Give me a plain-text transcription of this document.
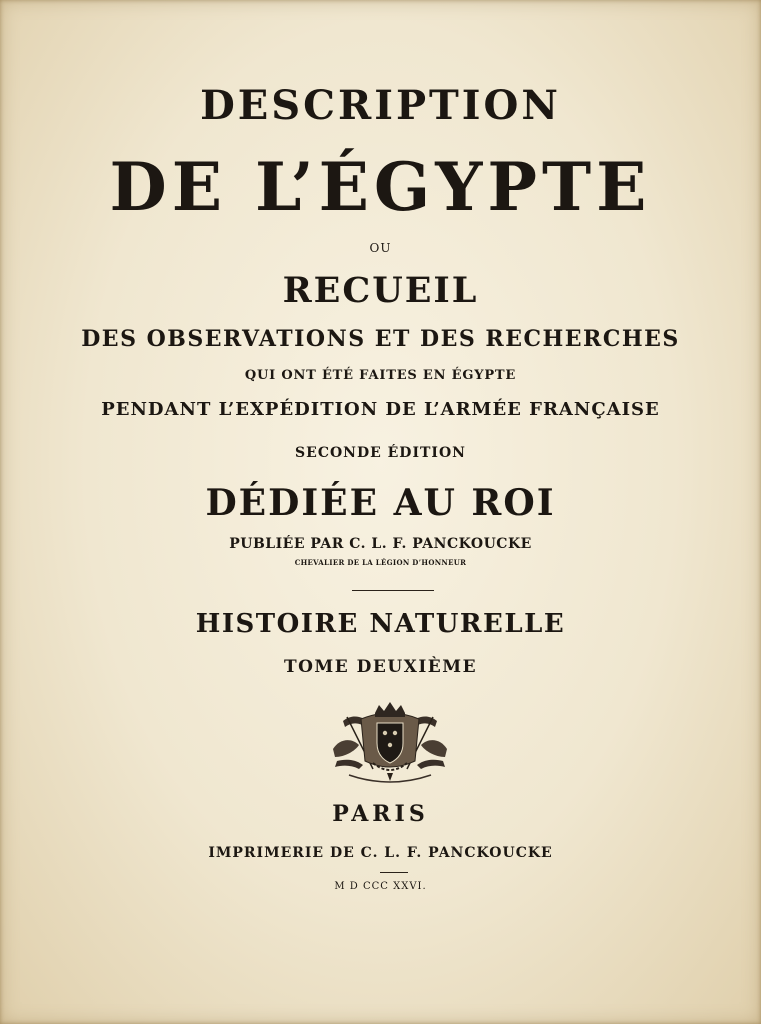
DESCRIPTION
DE L’ÉGYPTE
OU
RECUEIL
DES OBSERVATIONS ET DES RECHERCHES
QUI ONT ÉTÉ FAITES EN ÉGYPTE
PENDANT L’EXPÉDITION DE L’ARMÉE FRANÇAISE
SECONDE ÉDITION
DÉDIÉE AU ROI
PUBLIÉE PAR C. L. F. PANCKOUCKE
CHEVALIER DE LA LÉGION D’HONNEUR
HISTOIRE NATURELLE
TOME DEUXIÈME
PARIS
IMPRIMERIE DE C. L. F. PANCKOUCKE
M D CCC XXVI.
